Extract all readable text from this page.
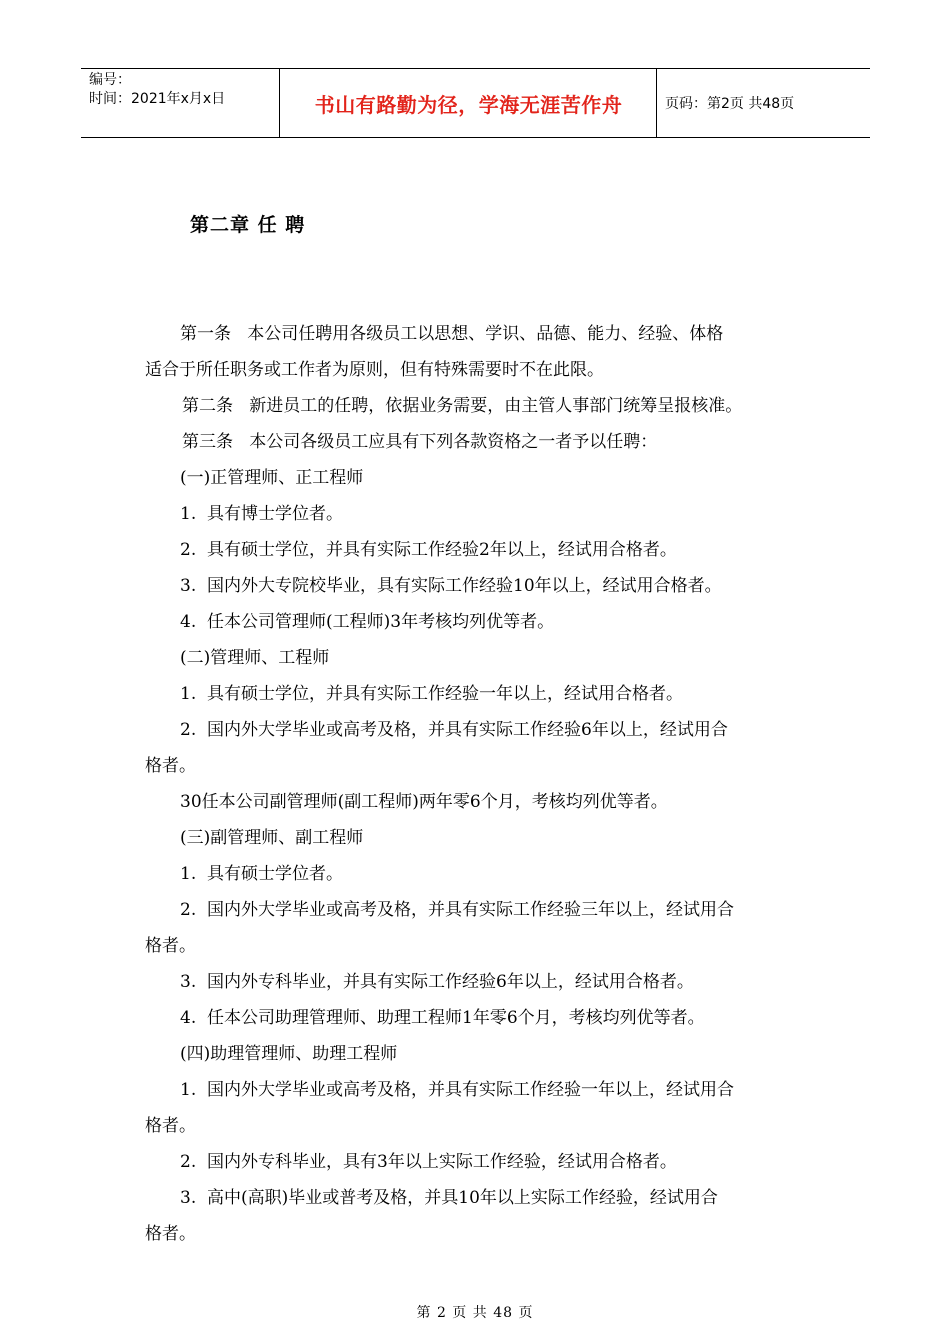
编号：
时间：2021年x月x日	书山有路勤为径，学海无涯苦作舟	页码：第2页 共48页
第二章 任 聘

第一条   本公司任聘用各级员工以思想、学识、品德、能力、经验、体格

适合于所任职务或工作者为原则，但有特殊需要时不在此限。

第二条   新进员工的任聘，依据业务需要，由主管人事部门统筹呈报核准。

第三条   本公司各级员工应具有下列各款资格之一者予以任聘：

(一)正管理师、正工程师

1.  具有博士学位者。

2.  具有硕士学位，并具有实际工作经验2年以上，经试用合格者。

3.  国内外大专院校毕业，具有实际工作经验10年以上，经试用合格者。

4.  任本公司管理师(工程师)3年考核均列优等者。

(二)管理师、工程师

1.  具有硕士学位，并具有实际工作经验一年以上，经试用合格者。

2.  国内外大学毕业或高考及格，并具有实际工作经验6年以上，经试用合

格者。

30任本公司副管理师(副工程师)两年零6个月，考核均列优等者。

(三)副管理师、副工程师

1.  具有硕士学位者。

2.  国内外大学毕业或高考及格，并具有实际工作经验三年以上，经试用合

格者。

3.  国内外专科毕业，并具有实际工作经验6年以上，经试用合格者。

4.  任本公司助理管理师、助理工程师1年零6个月，考核均列优等者。

(四)助理管理师、助理工程师

1.  国内外大学毕业或高考及格，并具有实际工作经验一年以上，经试用合

格者。

2.  国内外专科毕业，具有3年以上实际工作经验，经试用合格者。

3.  高中(高职)毕业或普考及格，并具10年以上实际工作经验，经试用合

格者。

第 2 页 共 48 页
